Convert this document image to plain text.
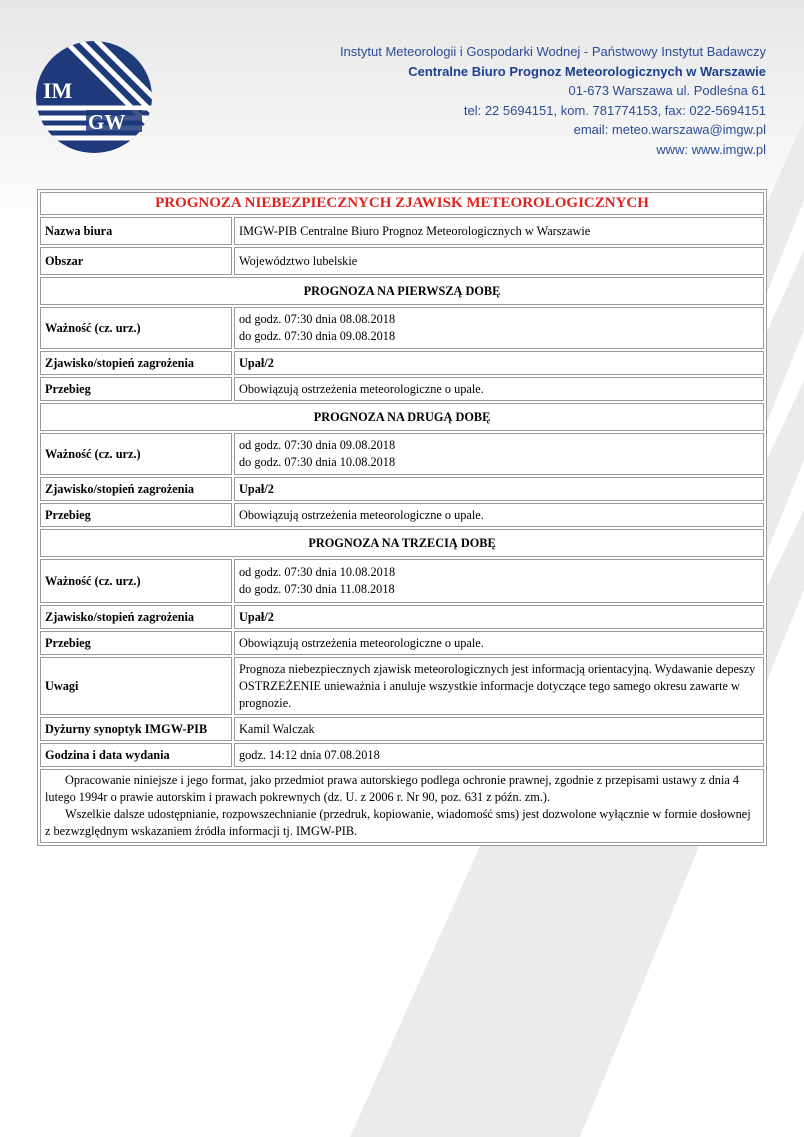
IM
GW
Instytut Meteorologii i Gospodarki Wodnej - Państwowy Instytut Badawczy
Centralne Biuro Prognoz Meteorologicznych w Warszawie
01-673 Warszawa ul. Podleśna 61
tel: 22 5694151, kom. 781774153, fax: 022-5694151
email: meteo.warszawa@imgw.pl
www: www.imgw.pl
PROGNOZA NIEBEZPIECZNYCH ZJAWISK METEOROLOGICZNYCH	
Nazwa biura	IMGW-PIB Centralne Biuro Prognoz Meteorologicznych w Warszawie
Obszar	Województwo lubelskie
PROGNOZA NA PIERWSZĄ DOBĘ	
Ważność (cz. urz.)	od godz. 07:30 dnia 08.08.2018
do godz. 07:30 dnia 09.08.2018

Zjawisko/stopień zagrożenia	Upał/2
Przebieg	Obowiązują ostrzeżenia meteorologiczne o upale.
PROGNOZA NA DRUGĄ DOBĘ	
Ważność (cz. urz.)	od godz. 07:30 dnia 09.08.2018
do godz. 07:30 dnia 10.08.2018

Zjawisko/stopień zagrożenia	Upał/2
Przebieg	Obowiązują ostrzeżenia meteorologiczne o upale.
PROGNOZA NA TRZECIĄ DOBĘ	
Ważność (cz. urz.)	od godz. 07:30 dnia 10.08.2018
do godz. 07:30 dnia 11.08.2018

Zjawisko/stopień zagrożenia	Upał/2
Przebieg	Obowiązują ostrzeżenia meteorologiczne o upale.
Uwagi	Prognoza niebezpiecznych zjawisk meteorologicznych jest informacją orientacyjną. Wydawanie depeszy OSTRZEŻENIE unieważnia i anuluje wszystkie informacje dotyczące tego samego okresu zawarte w prognozie.
Dyżurny synoptyk IMGW-PIB	Kamil Walczak
Godzina i data wydania	godz. 14:12 dnia 07.08.2018

Opracowanie niniejsze i jego format, jako przedmiot prawa autorskiego podlega ochronie prawnej, zgodnie z przepisami ustawy z dnia 4 lutego 1994r o prawie autorskim i prawach pokrewnych (dz. U. z 2006 r. Nr 90, poz. 631 z późn. zm.).

Wszelkie dalsze udostępnianie, rozpowszechnianie (przedruk, kopiowanie, wiadomość sms) jest dozwolone wyłącznie w formie dosłownej z bezwzględnym wskazaniem źródła informacji tj. IMGW-PIB.	
